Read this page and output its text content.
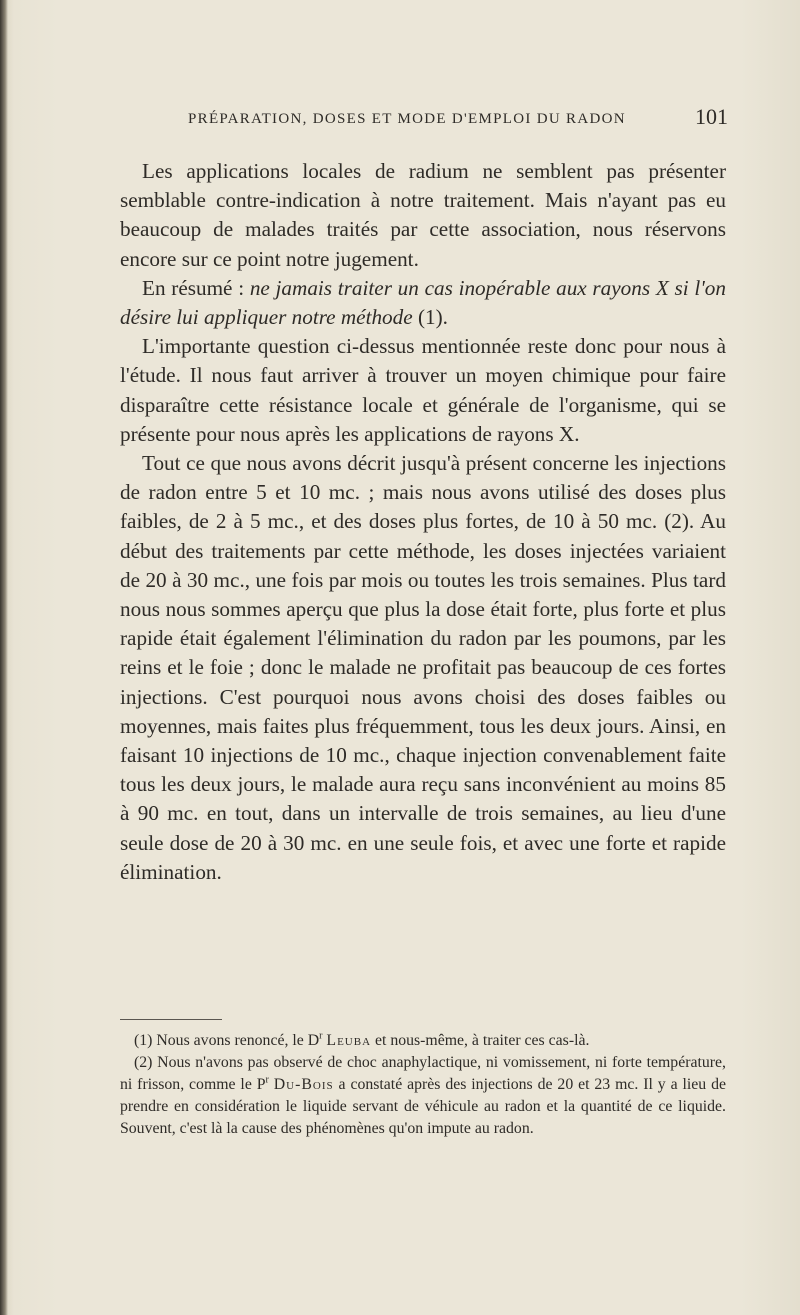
PRÉPARATION, DOSES ET MODE D'EMPLOI DU RADON	101

Les applications locales de radium ne semblent pas présenter semblable contre-indication à notre traitement. Mais n'ayant pas eu beaucoup de malades traités par cette association, nous réservons encore sur ce point notre jugement.

En résumé : ne jamais traiter un cas inopérable aux rayons X si l'on désire lui appliquer notre méthode (1).

L'importante question ci-dessus mentionnée reste donc pour nous à l'étude. Il nous faut arriver à trouver un moyen chimique pour faire disparaître cette résistance locale et générale de l'organisme, qui se présente pour nous après les applications de rayons X.

Tout ce que nous avons décrit jusqu'à présent concerne les injections de radon entre 5 et 10 mc. ; mais nous avons utilisé des doses plus faibles, de 2 à 5 mc., et des doses plus fortes, de 10 à 50 mc. (2). Au début des traitements par cette méthode, les doses injectées variaient de 20 à 30 mc., une fois par mois ou toutes les trois semaines. Plus tard nous nous sommes aperçu que plus la dose était forte, plus forte et plus rapide était également l'élimination du radon par les poumons, par les reins et le foie ; donc le malade ne profitait pas beaucoup de ces fortes injections. C'est pourquoi nous avons choisi des doses faibles ou moyennes, mais faites plus fréquemment, tous les deux jours. Ainsi, en faisant 10 injections de 10 mc., chaque injection convenablement faite tous les deux jours, le malade aura reçu sans inconvénient au moins 85 à 90 mc. en tout, dans un intervalle de trois semaines, au lieu d'une seule dose de 20 à 30 mc. en une seule fois, et avec une forte et rapide élimination.

(1) Nous avons renoncé, le $D^r$ Leuba et nous-même, à traiter ces cas-là.

(2) Nous n'avons pas observé de choc anaphylactique, ni vomissement, ni forte température, ni frisson, comme le $P^r$ Du-Bois a constaté après des injections de 20 et 23 mc. Il y a lieu de prendre en considération le liquide servant de véhicule au radon et la quantité de ce liquide. Souvent, c'est là la cause des phénomènes qu'on impute au radon.
